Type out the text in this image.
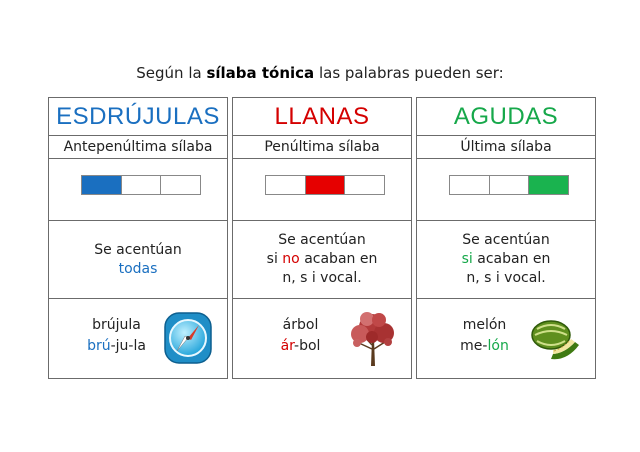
Según la sílaba tónica las palabras pueden ser:
ESDRÚJULAS
Antepenúltima sílaba
Se acentúan
todas
brújula
brú-ju-la
LLANAS
Penúltima sílaba
Se acentúan
si no acaban en
n, s i vocal.
árbol
ár-bol
AGUDAS
Última sílaba
Se acentúan
si acaban en
n, s i vocal.
melón
me-lón
